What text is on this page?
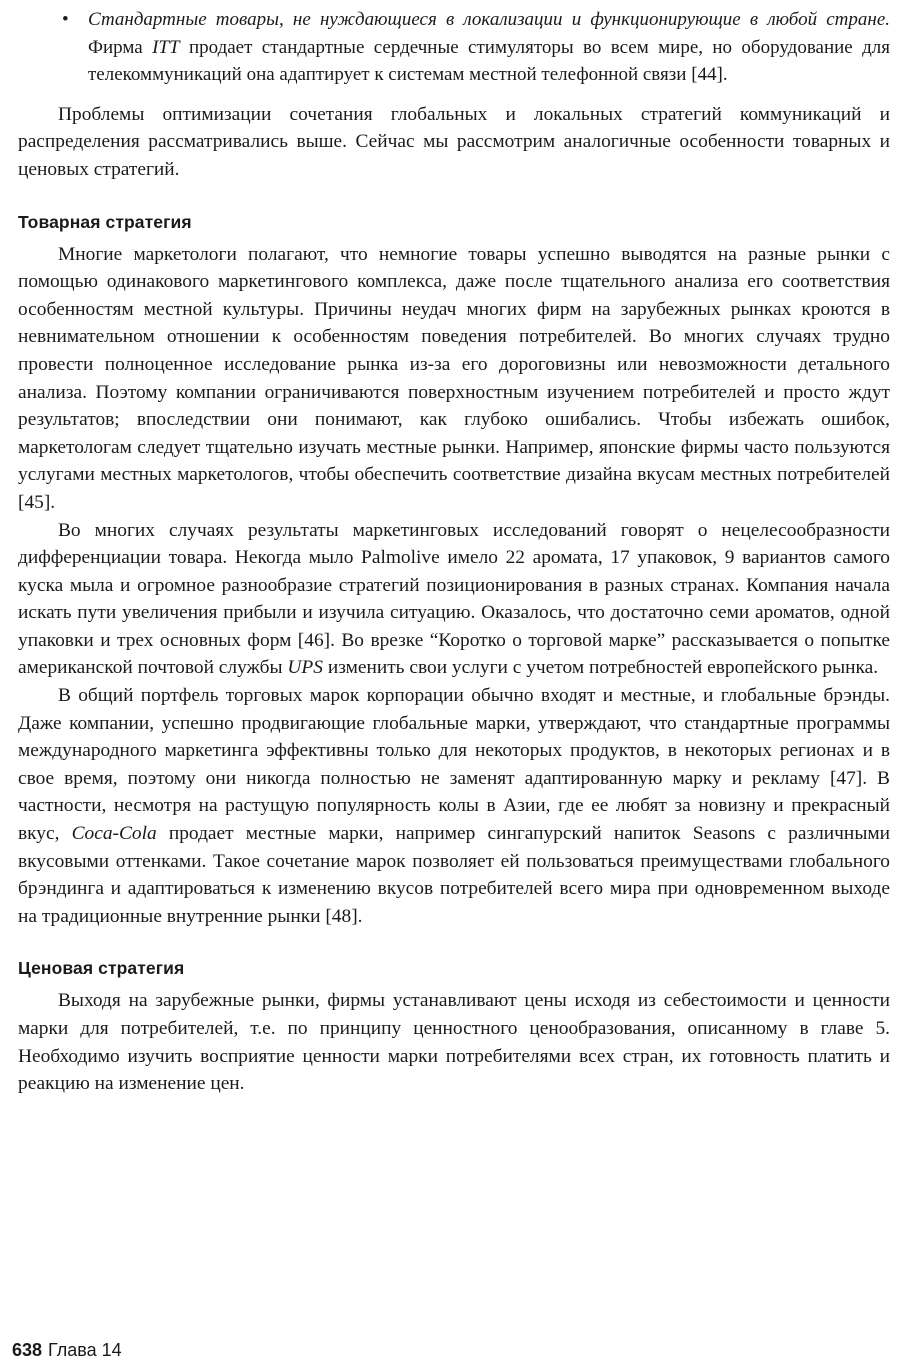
• Стандартные товары, не нуждающиеся в локализации и функционирующие в любой стране. Фирма ITT продает стандартные сердечные стимуляторы во всем мире, но оборудование для телекоммуникаций она адаптирует к системам местной телефонной связи [44].

Проблемы оптимизации сочетания глобальных и локальных стратегий коммуникаций и распределения рассматривались выше. Сейчас мы рассмотрим аналогичные особенности товарных и ценовых стратегий.

Товарная стратегия

Многие маркетологи полагают, что немногие товары успешно выводятся на разные рынки с помощью одинакового маркетингового комплекса, даже после тщательного анализа его соответствия особенностям местной культуры. Причины неудач многих фирм на зарубежных рынках кроются в невнимательном отношении к особенностям поведения потребителей. Во многих случаях трудно провести полноценное исследование рынка из-за его дороговизны или невозможности детального анализа. Поэтому компании ограничиваются поверхностным изучением потребителей и просто ждут результатов; впоследствии они понимают, как глубоко ошибались. Чтобы избежать ошибок, маркетологам следует тщательно изучать местные рынки. Например, японские фирмы часто пользуются услугами местных маркетологов, чтобы обеспечить соответствие дизайна вкусам местных потребителей [45].

Во многих случаях результаты маркетинговых исследований говорят о нецелесообразности дифференциации товара. Некогда мыло Palmolive имело 22 аромата, 17 упаковок, 9 вариантов самого куска мыла и огромное разнообразие стратегий позиционирования в разных странах. Компания начала искать пути увеличения прибыли и изучила ситуацию. Оказалось, что достаточно семи ароматов, одной упаковки и трех основных форм [46]. Во врезке “Коротко о торговой марке” рассказывается о попытке американской почтовой службы UPS изменить свои услуги с учетом потребностей европейского рынка.

В общий портфель торговых марок корпорации обычно входят и местные, и глобальные брэнды. Даже компании, успешно продвигающие глобальные марки, утверждают, что стандартные программы международного маркетинга эффективны только для некоторых продуктов, в некоторых регионах и в свое время, поэтому они никогда полностью не заменят адаптированную марку и рекламу [47]. В частности, несмотря на растущую популярность колы в Азии, где ее любят за новизну и прекрасный вкус, Coca-Cola продает местные марки, например сингапурский напиток Seasons с различными вкусовыми оттенками. Такое сочетание марок позволяет ей пользоваться преимуществами глобального брэндинга и адаптироваться к изменению вкусов потребителей всего мира при одновременном выходе на традиционные внутренние рынки [48].

Ценовая стратегия

Выходя на зарубежные рынки, фирмы устанавливают цены исходя из себестоимости и ценности марки для потребителей, т.е. по принципу ценностного ценообразования, описанному в главе 5. Необходимо изучить восприятие ценности марки потребителями всех стран, их готовность платить и реакцию на изменение цен.

638 Глава 14
